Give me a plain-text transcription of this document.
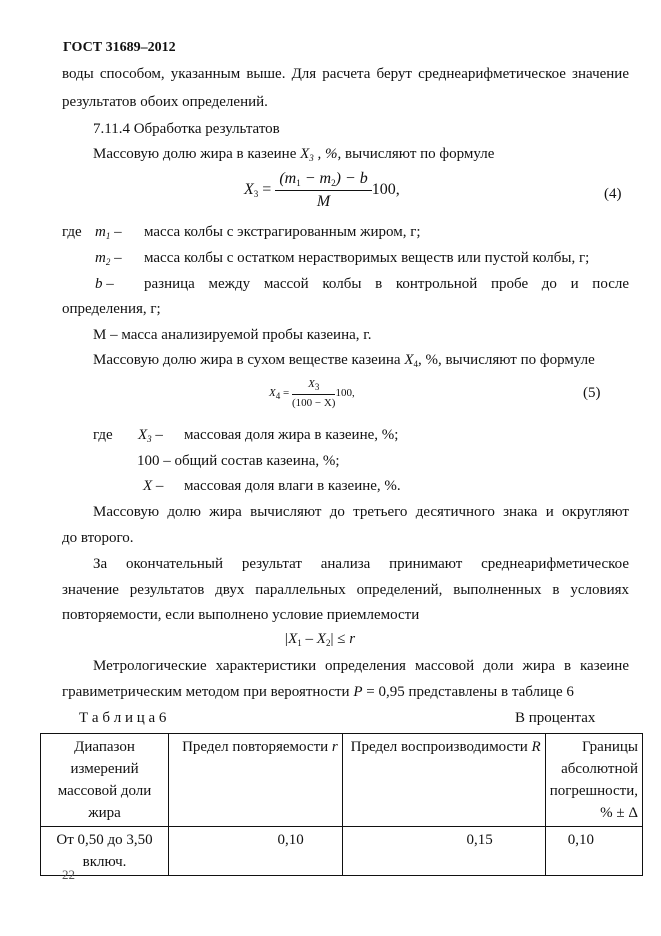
ГОСТ 31689–2012
воды способом, указанным выше. Для расчета берут среднеарифметическое значение
результатов обоих определений.
7.11.4 Обработка результатов
Массовую долю жира в казеине $X_3$ , %, вычисляют по формуле
$X_3 = \frac{(m_1 - m_2) - b}{M} 100$,	(4)
где $m_1$ – масса колбы с экстрагированным жиром, г;
$m_2$ – масса колбы с остатком нерастворимых веществ или пустой колбы, г;
b – разница между массой колбы в контрольной пробе до и после
определения, г;
М – масса анализируемой пробы казеина, г.
Массовую долю жира в сухом веществе казеина $X_4$, %, вычисляют по формуле
$X_4 = \frac{X_3}{(100 - X)} 100$,	(5)
где $X_3$ – массовая доля жира в казеине, %;
100 – общий состав казеина, %;
X – массовая доля влаги в казеине, %.
Массовую долю жира вычисляют до третьего десятичного знака и округляют
до второго.
За окончательный результат анализа принимают среднеарифметическое
значение результатов двух параллельных определений, выполненных в условиях
повторяемости, если выполнено условие приемлемости
$|X_1 - X_2| \le r$
Метрологические характеристики определения массовой доли жира в казеине
гравиметрическим методом при вероятности P = 0,95 представлены в таблице 6
Т а б л и ц а 6	В процентах
Диапазон измерений массовой доли жира	Предел повторяемости r	Предел воспроизводимости R	Границы абсолютной погрешности, % ± Δ
От 0,50 до 3,50 включ.	0,10	0,15	0,10
22
